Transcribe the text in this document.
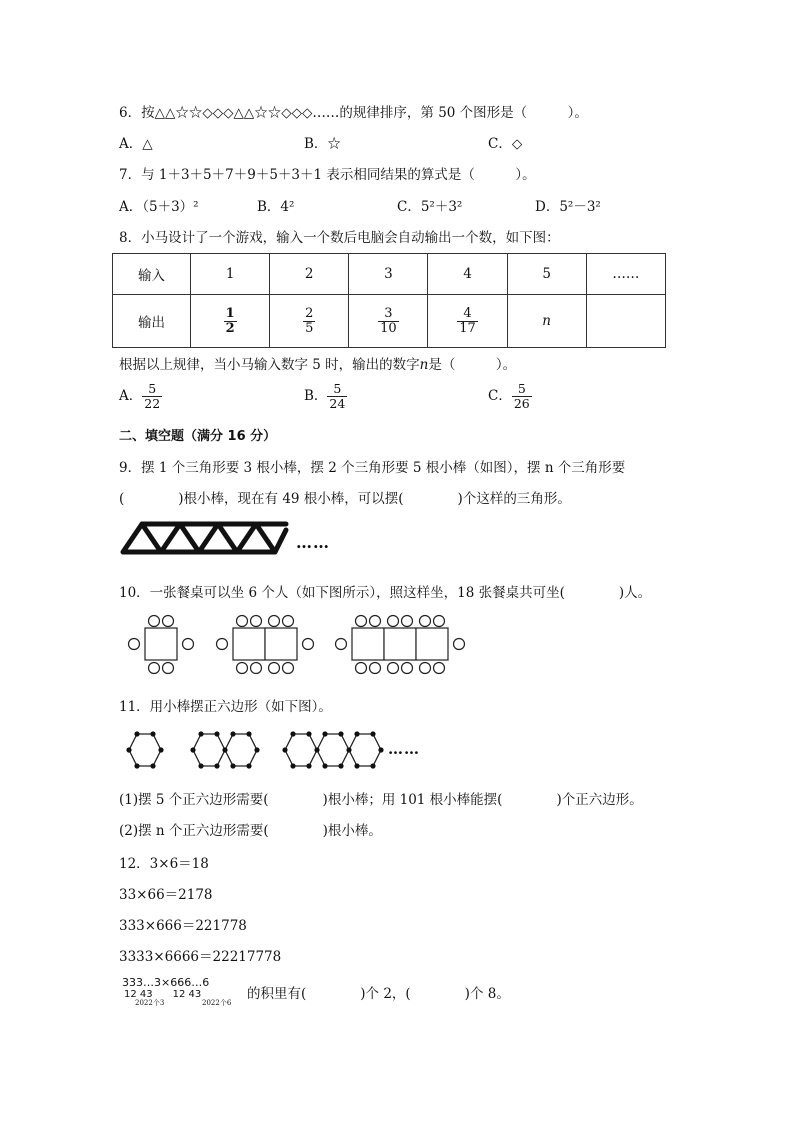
6．按△△☆☆◇◇◇△△☆☆◇◇◇……的规律排序，第 50 个图形是（　　　）。
A．△	B．☆	C．◇
7．与 1＋3＋5＋7＋9＋5＋3＋1 表示相同结果的算式是（　　　）。
A．（5＋3）²	B．4²	C．5²＋3²	D．5²－3²
8．小马设计了一个游戏，输入一个数后电脑会自动输出一个数，如下图：
输入	1	2	3	4	5	……
输出	$\frac{1}{2}$	$\frac{2}{5}$	$\frac{3}{10}$	$\frac{4}{17}$	n	
根据以上规律，当小马输入数字 5 时，输出的数字n是（　　　）。
A． $\frac{5}{22}$	B． $\frac{5}{24}$	C． $\frac{5}{26}$
二、填空题（满分 16 分）
9．摆 1 个三角形要 3 根小棒，摆 2 个三角形要 5 根小棒（如图），摆 n 个三角形要
(　　　　)根小棒，现在有 49 根小棒，可以摆(　　　　)个这样的三角形。
……
10．一张餐桌可以坐 6 个人（如下图所示），照这样坐，18 张餐桌共可坐(　　　　)人。
11．用小棒摆正六边形（如下图）。
……
(1)摆 5 个正六边形需要(　　　　)根小棒；用 101 根小棒能摆(　　　　)个正六边形。
(2)摆 n 个正六边形需要(　　　　)根小棒。
12．3×6＝18
33×66＝2178
333×666＝221778
3333×6666＝22217778
333…3×666…6
12 43　　12 43
2022个3	2022个6
的积里有(　　　　)个 2，(　　　　)个 8。
